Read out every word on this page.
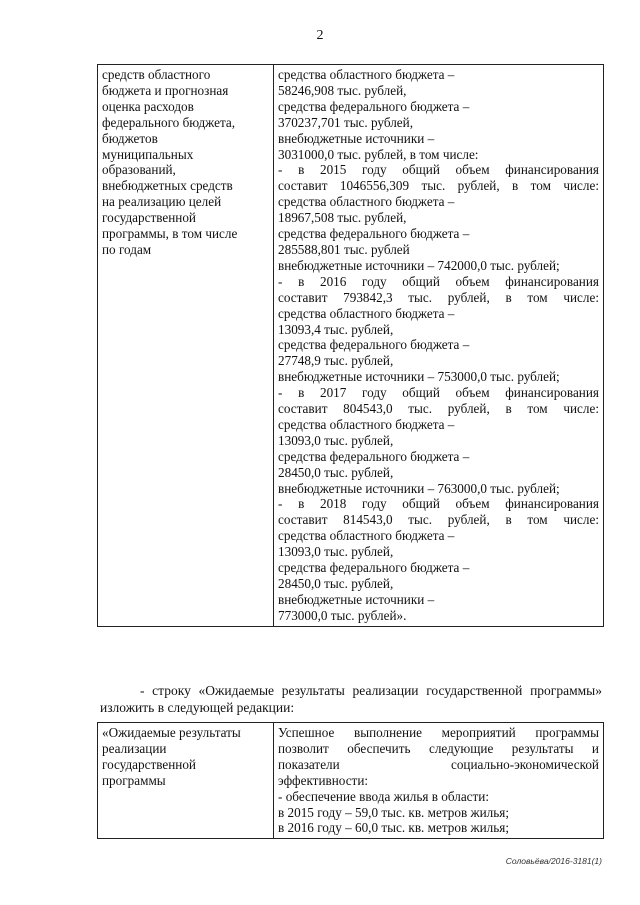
2
средств областного
бюджета и прогнозная
оценка расходов
федерального бюджета,
бюджетов
муниципальных
образований,
внебюджетных средств
на реализацию целей
государственной
программы, в том числе
по годам

средства областного бюджета –
58246,908 тыс. рублей,
средства федерального бюджета –
370237,701 тыс. рублей,
внебюджетные источники –
3031000,0 тыс. рублей, в том числе:
- в 2015 году общий объем финансирования
составит 1046556,309 тыс. рублей, в том числе:
средства областного бюджета –
18967,508 тыс. рублей,
средства федерального бюджета –
285588,801 тыс. рублей
внебюджетные источники – 742000,0 тыс. рублей;
- в 2016 году общий объем финансирования
составит 793842,3 тыс. рублей, в том числе:
средства областного бюджета –
13093,4 тыс. рублей,
средства федерального бюджета –
27748,9 тыс. рублей,
внебюджетные источники – 753000,0 тыс. рублей;
- в 2017 году общий объем финансирования
составит 804543,0 тыс. рублей, в том числе:
средства областного бюджета –
13093,0 тыс. рублей,
средства федерального бюджета –
28450,0 тыс. рублей,
внебюджетные источники – 763000,0 тыс. рублей;
- в 2018 году общий объем финансирования
составит 814543,0 тыс. рублей, в том числе:
средства областного бюджета –
13093,0 тыс. рублей,
средства федерального бюджета –
28450,0 тыс. рублей,
внебюджетные источники –
773000,0 тыс. рублей».
- строку «Ожидаемые результаты реализации государственной программы» изложить в следующей редакции:
«Ожидаемые результаты
реализации
государственной
программы

Успешное выполнение мероприятий программы
позволит обеспечить следующие результаты и
показатели социально-экономической
эффективности:
- обеспечение ввода жилья в области:
в 2015 году – 59,0 тыс. кв. метров жилья;
в 2016 году – 60,0 тыс. кв. метров жилья;
Соловьёва/2016-3181(1)
